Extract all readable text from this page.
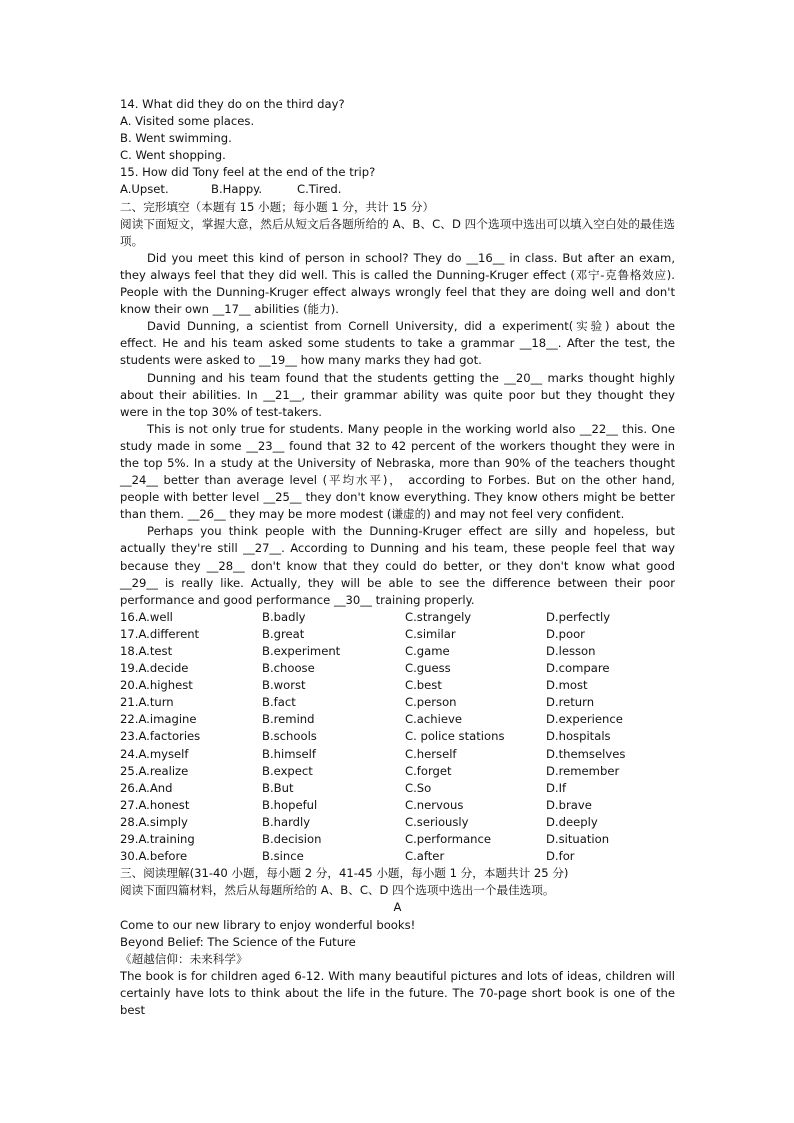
14. What did they do on the third day?
A. Visited some places.
B. Went swimming.
C. Went shopping.
15. How did Tony feel at the end of the trip?
A.Upset.	B.Happy.	C.Tired.
二、完形填空（本题有 15 小题；每小题 1 分，共计 15 分）

阅读下面短文，掌握大意，然后从短文后各题所给的 A、B、C、D 四个选项中选出可以填入空白处的最佳选项。

Did you meet this kind of person in school? They do __16__ in class. But after an exam, they always feel that they did well. This is called the Dunning-Kruger effect (邓宁-克鲁格效应). People with the Dunning-Kruger effect always wrongly feel that they are doing well and don't know their own __17__ abilities (能力).

David Dunning, a scientist from Cornell University, did a experiment(实验) about the effect. He and his team asked some students to take a grammar __18__. After the test, the students were asked to __19__ how many marks they had got.

Dunning and his team found that the students getting the __20__ marks thought highly about their abilities. In __21__, their grammar ability was quite poor but they thought they were in the top 30% of test-takers.

This is not only true for students. Many people in the working world also __22__ this. One study made in some __23__ found that 32 to 42 percent of the workers thought they were in the top 5%. In a study at the University of Nebraska, more than 90% of the teachers thought __24__ better than average level (平均水平)， according to Forbes. But on the other hand, people with better level __25__ they don't know everything. They know others might be better than them. __26__ they may be more modest (谦虚的) and may not feel very confident.

Perhaps you think people with the Dunning-Kruger effect are silly and hopeless, but actually they're still __27__. According to Dunning and his team, these people feel that way because they __28__ don't know that they could do better, or they don't know what good __29__ is really like. Actually, they will be able to see the difference between their poor performance and good performance __30__ training properly.

16.A.well	B.badly	C.strangely	D.perfectly
17.A.different	B.great	C.similar	D.poor
18.A.test	B.experiment	C.game	D.lesson
19.A.decide	B.choose	C.guess	D.compare
20.A.highest	B.worst	C.best	D.most
21.A.turn	B.fact	C.person	D.return
22.A.imagine	B.remind	C.achieve	D.experience
23.A.factories	B.schools	C. police stations	D.hospitals
24.A.myself	B.himself	C.herself	D.themselves
25.A.realize	B.expect	C.forget	D.remember
26.A.And	B.But	C.So	D.If
27.A.honest	B.hopeful	C.nervous	D.brave
28.A.simply	B.hardly	C.seriously	D.deeply
29.A.training	B.decision	C.performance	D.situation
30.A.before	B.since	C.after	D.for
三、阅读理解(31-40 小题，每小题 2 分，41-45 小题，每小题 1 分，本题共计 25 分)
阅读下面四篇材料，然后从每题所给的 A、B、C、D 四个选项中选出一个最佳选项。
A
Come to our new library to enjoy wonderful books!
Beyond Belief: The Science of the Future
《超越信仰：未来科学》

The book is for children aged 6-12. With many beautiful pictures and lots of ideas, children will certainly have lots to think about the life in the future. The 70-page short book is one of the best
